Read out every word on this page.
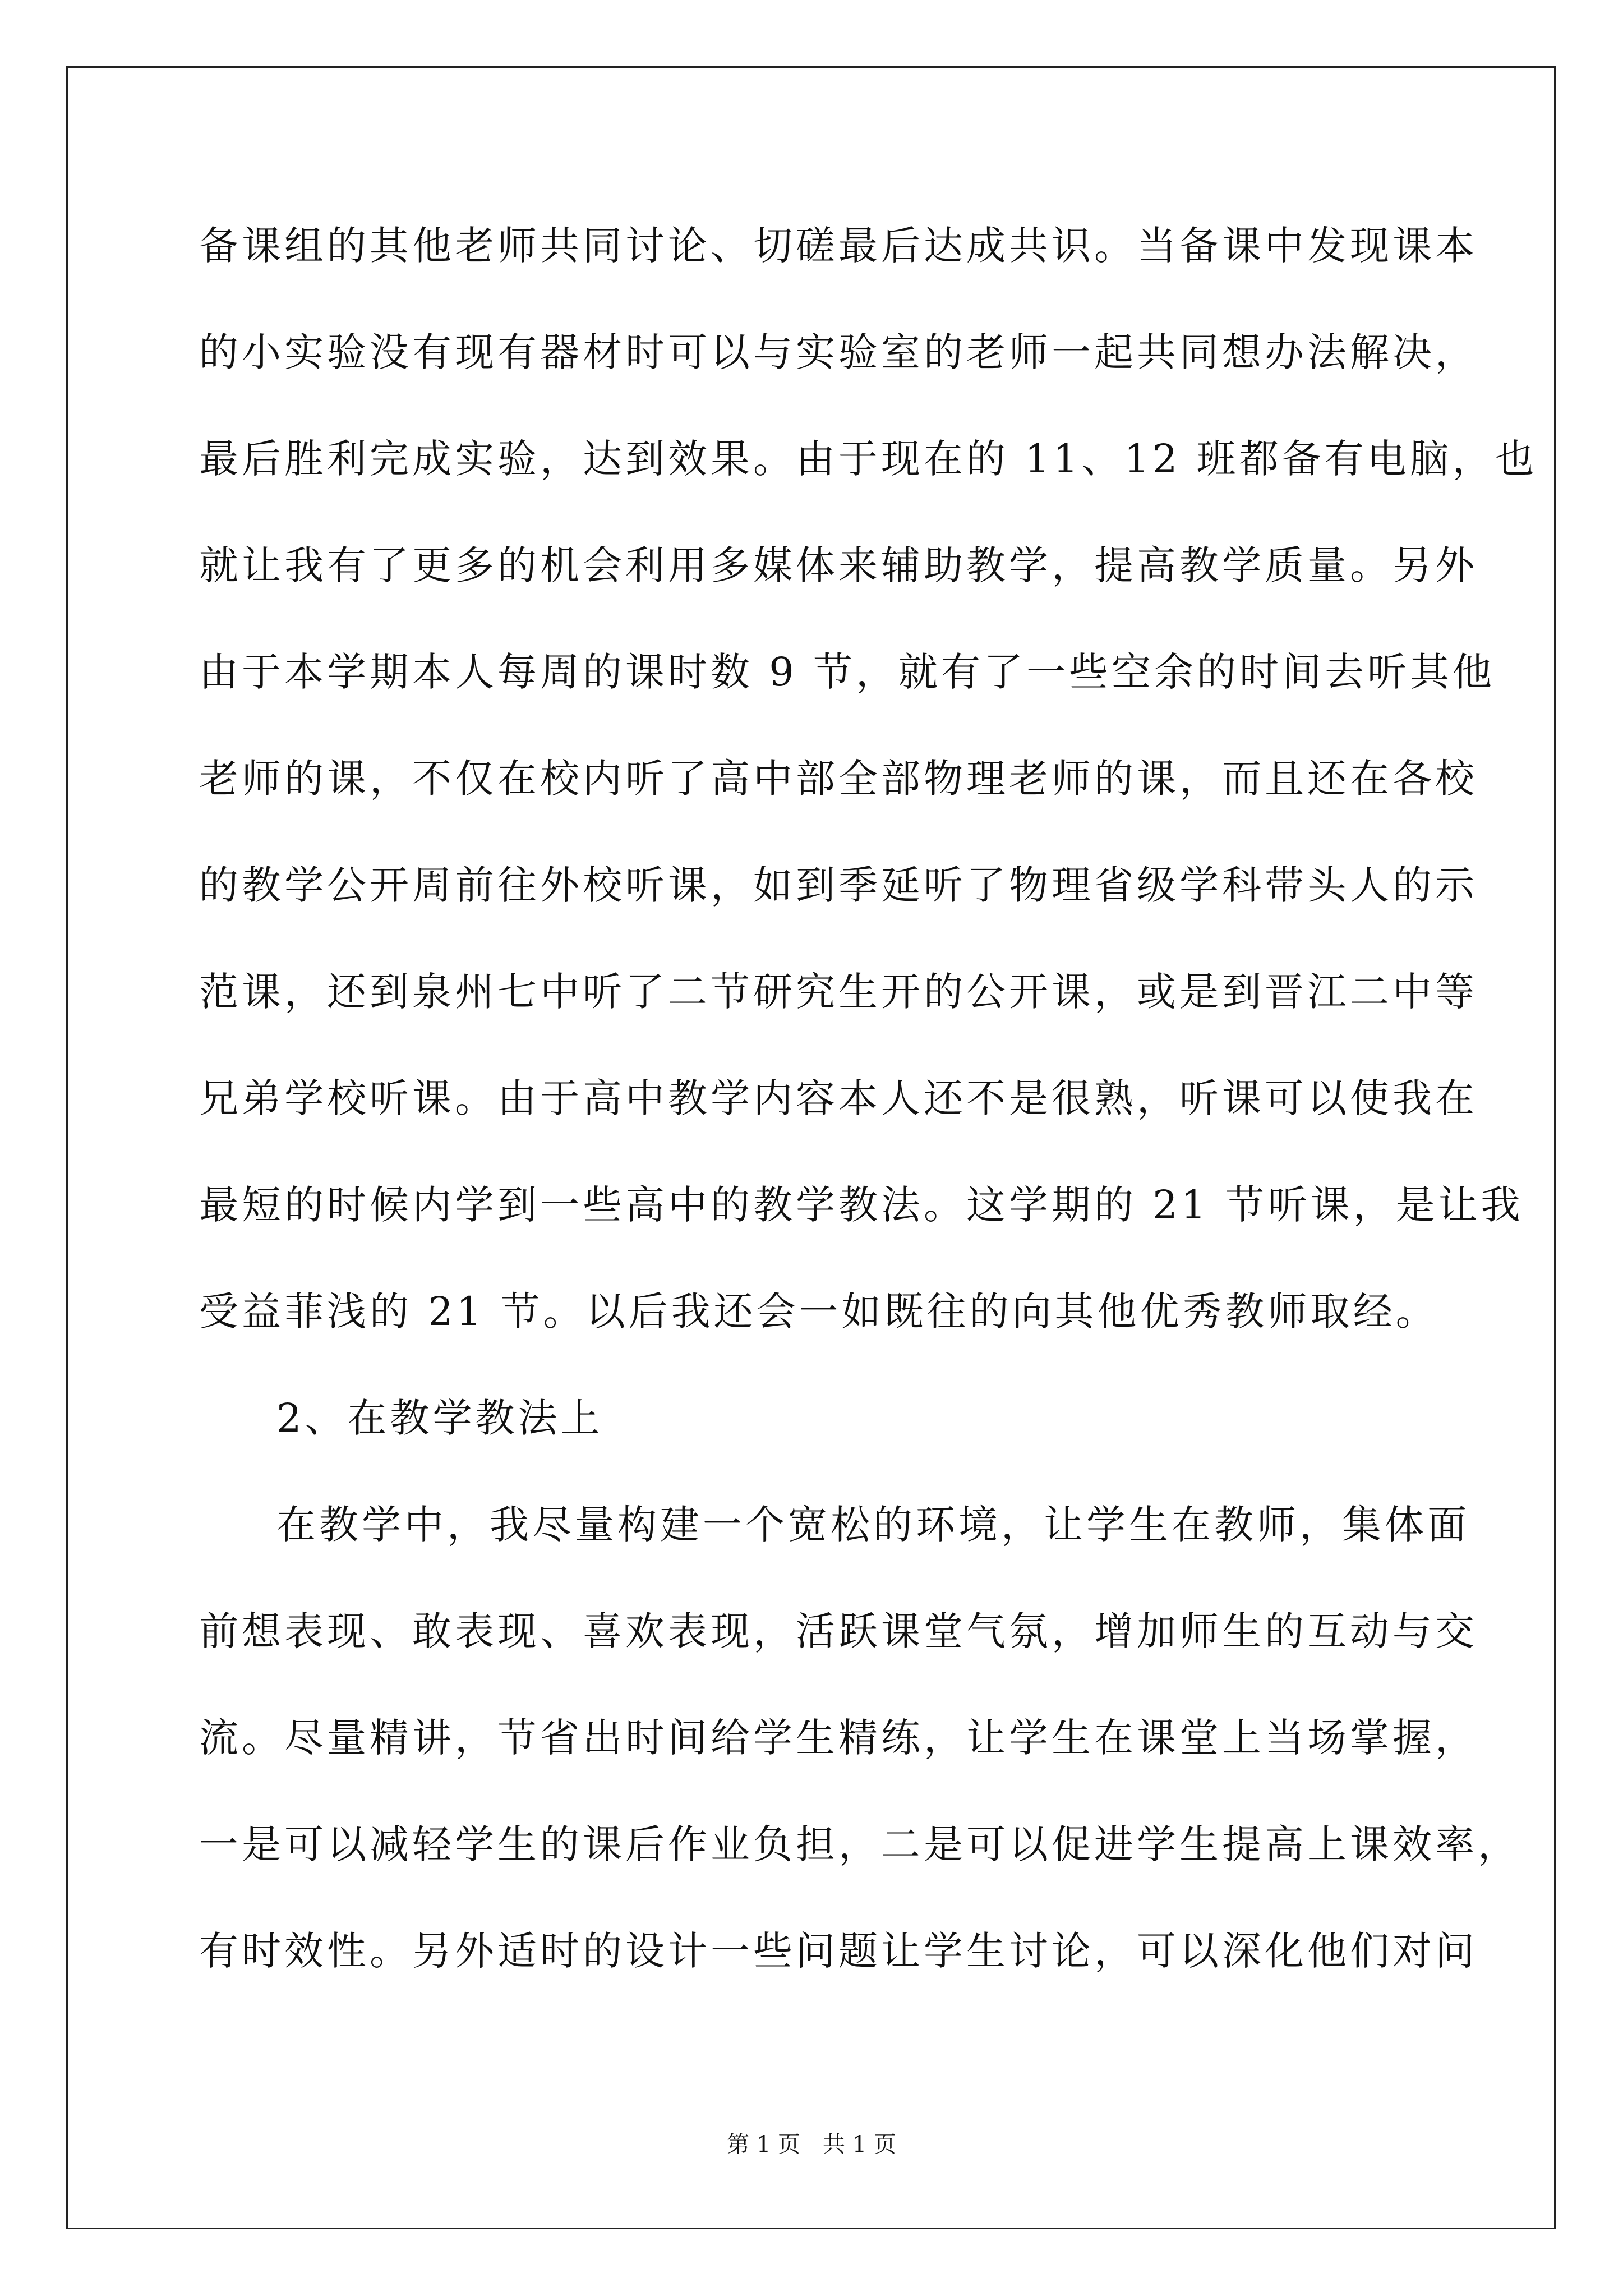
备课组的其他老师共同讨论、切磋最后达成共识。当备课中发现课本
的小实验没有现有器材时可以与实验室的老师一起共同想办法解决，
最后胜利完成实验，达到效果。由于现在的 11、12 班都备有电脑，也
就让我有了更多的机会利用多媒体来辅助教学，提高教学质量。另外
由于本学期本人每周的课时数 9 节，就有了一些空余的时间去听其他
老师的课，不仅在校内听了高中部全部物理老师的课，而且还在各校
的教学公开周前往外校听课，如到季延听了物理省级学科带头人的示
范课，还到泉州七中听了二节研究生开的公开课，或是到晋江二中等
兄弟学校听课。由于高中教学内容本人还不是很熟，听课可以使我在
最短的时候内学到一些高中的教学教法。这学期的 21 节听课，是让我
受益菲浅的 21 节。以后我还会一如既往的向其他优秀教师取经。
2、在教学教法上
在教学中，我尽量构建一个宽松的环境，让学生在教师，集体面
前想表现、敢表现、喜欢表现，活跃课堂气氛，增加师生的互动与交
流。尽量精讲，节省出时间给学生精练，让学生在课堂上当场掌握，
一是可以减轻学生的课后作业负担，二是可以促进学生提高上课效率，
有时效性。另外适时的设计一些问题让学生讨论，可以深化他们对问
第 1 页　共 1 页
